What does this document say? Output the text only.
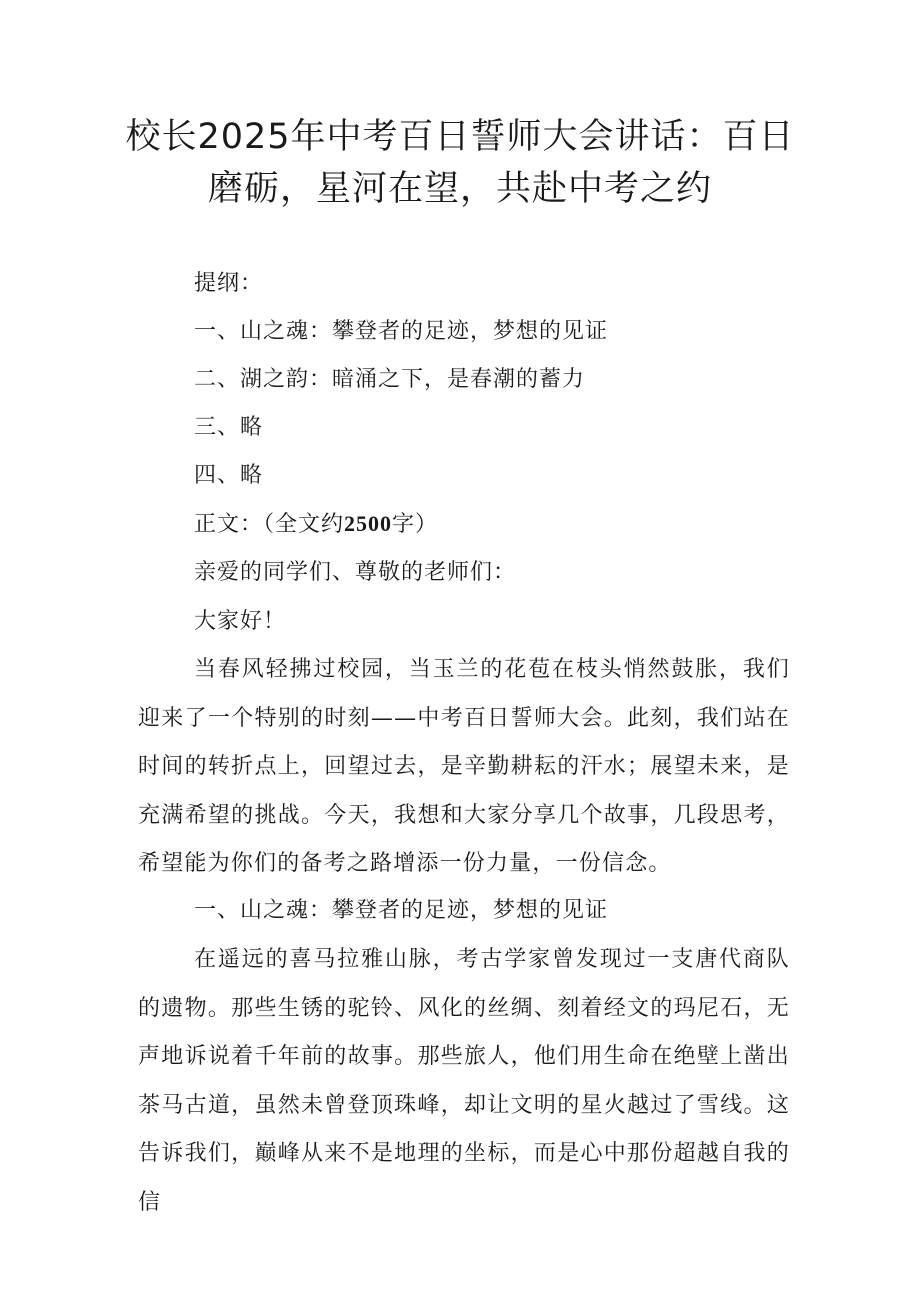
校长2025年中考百日誓师大会讲话：百日
磨砺，星河在望，共赴中考之约
提纲：
一、山之魂：攀登者的足迹，梦想的见证
二、湖之韵：暗涌之下，是春潮的蓄力
三、略
四、略
正文：（全文约2500字）
亲爱的同学们、尊敬的老师们：
大家好！

当春风轻拂过校园，当玉兰的花苞在枝头悄然鼓胀，我们迎来了一个特别的时刻——中考百日誓师大会。此刻，我们站在时间的转折点上，回望过去，是辛勤耕耘的汗水；展望未来，是充满希望的挑战。今天，我想和大家分享几个故事，几段思考，希望能为你们的备考之路增添一份力量，一份信念。

一、山之魂：攀登者的足迹，梦想的见证

在遥远的喜马拉雅山脉，考古学家曾发现过一支唐代商队的遗物。那些生锈的驼铃、风化的丝绸、刻着经文的玛尼石，无声地诉说着千年前的故事。那些旅人，他们用生命在绝壁上凿出茶马古道，虽然未曾登顶珠峰，却让文明的星火越过了雪线。这告诉我们，巅峰从来不是地理的坐标，而是心中那份超越自我的信
